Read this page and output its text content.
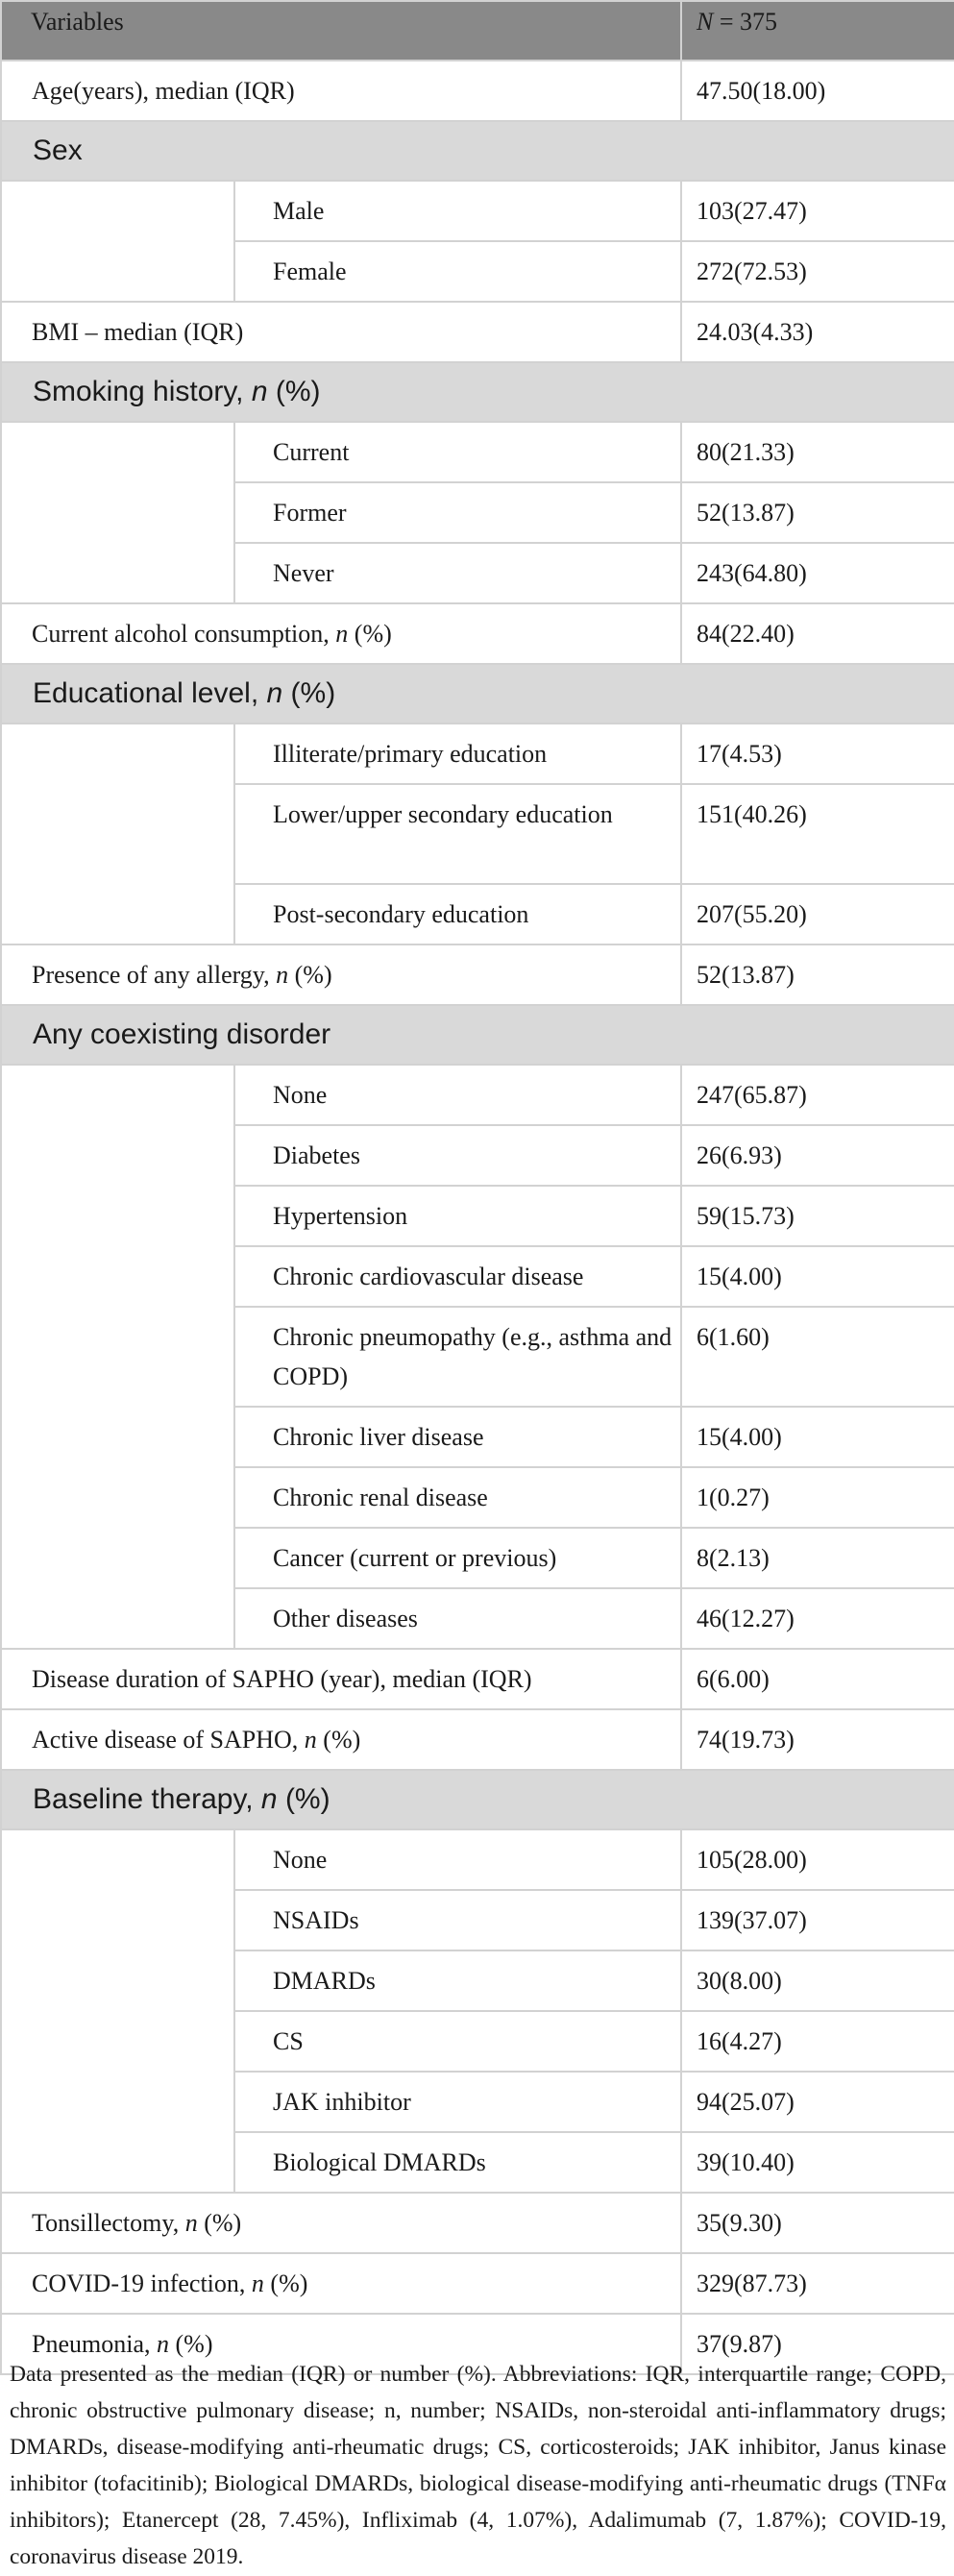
Variables		N = 375
Age(years), median (IQR)		47.50(18.00)
Sex		
	Male	103(27.47)
	Female	272(72.53)
BMI – median (IQR)		24.03(4.33)
Smoking history, n (%)		
	Current	80(21.33)
	Former	52(13.87)
	Never	243(64.80)
Current alcohol consumption, n (%)		84(22.40)
Educational level, n (%)		
	Illiterate/primary education	17(4.53)
	Lower/upper secondary education	151(40.26)
	Post-secondary education	207(55.20)
Presence of any allergy, n (%)		52(13.87)
Any coexisting disorder		
	None	247(65.87)
	Diabetes	26(6.93)
	Hypertension	59(15.73)
	Chronic cardiovascular disease	15(4.00)
	Chronic pneumopathy (e.g., asthma and COPD)	6(1.60)
	Chronic liver disease	15(4.00)
	Chronic renal disease	1(0.27)
	Cancer (current or previous)	8(2.13)
	Other diseases	46(12.27)
Disease duration of SAPHO (year), median (IQR)		6(6.00)
Active disease of SAPHO, n (%)		74(19.73)
Baseline therapy, n (%)		
	None	105(28.00)
	NSAIDs	139(37.07)
	DMARDs	30(8.00)
	CS	16(4.27)
	JAK inhibitor	94(25.07)
	Biological DMARDs	39(10.40)
Tonsillectomy, n (%)		35(9.30)
COVID-19 infection, n (%)		329(87.73)
Pneumonia, n (%)		37(9.87)

Data presented as the median (IQR) or number (%). Abbreviations: IQR, interquartile range; COPD, chronic obstructive pulmonary disease; n, number; NSAIDs, non-steroidal anti-inflammatory drugs; DMARDs, disease-modifying anti-rheumatic drugs; CS, corticosteroids; JAK inhibitor, Janus kinase inhibitor (tofacitinib); Biological DMARDs, biological disease-modifying anti-rheumatic drugs (TNFα inhibitors); Etanercept (28, 7.45%), Infliximab (4, 1.07%), Adalimumab (7, 1.87%); COVID-19, coronavirus disease 2019.
